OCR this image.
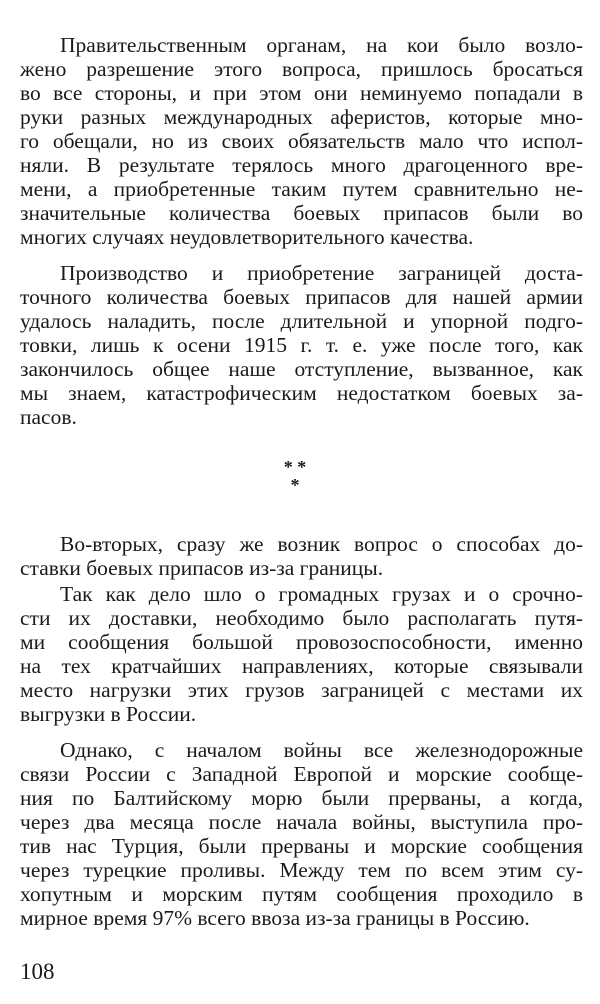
* *
*
108
Правительственным органам, на кои было возло-
жено разрешение этого вопроса, пришлось бросаться
во все стороны, и при этом они неминуемо попадали в
руки разных международных аферистов, которые мно-
го обещали, но из своих обязательств мало что испол-
няли. В результате терялось много драгоценного вре-
мени, а приобретенные таким путем сравнительно не-
значительные количества боевых припасов были во
многих случаях неудовлетворительного качества.
Производство и приобретение заграницей доста-
точного количества боевых припасов для нашей армии
удалось наладить, после длительной и упорной подго-
товки, лишь к осени 1915 г. т. е. уже после того, как
закончилось общее наше отступление, вызванное, как
мы знаем, катастрофическим недостатком боевых за-
пасов.
Во-вторых, сразу же возник вопрос о способах до-
ставки боевых припасов из-за границы.
Так как дело шло о громадных грузах и о срочно-
сти их доставки, необходимо было располагать путя-
ми сообщения большой провозоспособности, именно
на тех кратчайших направлениях, которые связывали
место нагрузки этих грузов заграницей с местами их
выгрузки в России.
Однако, с началом войны все железнодорожные
связи России с Западной Европой и морские сообще-
ния по Балтийскому морю были прерваны, а когда,
через два месяца после начала войны, выступила про-
тив нас Турция, были прерваны и морские сообщения
через турецкие проливы. Между тем по всем этим су-
хопутным и морским путям сообщения проходило в
мирное время 97% всего ввоза из-за границы в Россию.
